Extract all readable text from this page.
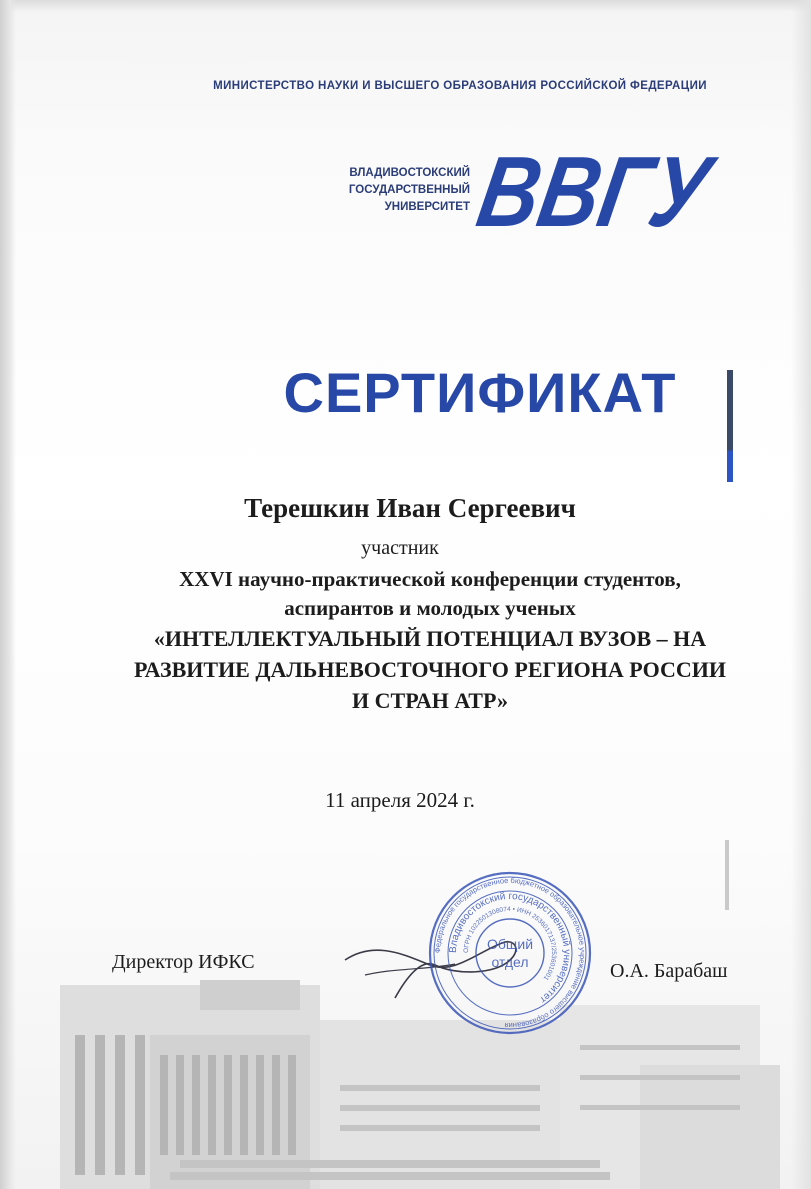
МИНИСТЕРСТВО НАУКИ И ВЫСШЕГО ОБРАЗОВАНИЯ РОССИЙСКОЙ ФЕДЕРАЦИИ
ВЛАДИВОСТОКСКИЙ
ГОСУДАРСТВЕННЫЙ
УНИВЕРСИТЕТ ВВГУ
СЕРТИФИКАТ
Терешкин Иван Сергеевич
участник
XXVI научно-практической конференции студентов,
аспирантов и молодых ученых
«ИНТЕЛЛЕКТУАЛЬНЫЙ ПОТЕНЦИАЛ ВУЗОВ – НА
РАЗВИТИЕ ДАЛЬНЕВОСТОЧНОГО РЕГИОНА РОССИИ
И СТРАН АТР»
11 апреля 2024 г.
Директор ИФКС	О.А. Барабаш
Федеральное государственное бюджетное образовательное учреждение высшего образования
Владивостокский государственный университет
ОГРН 1022501308074 • ИНН 2536017137/253601001
Общий
отдел
